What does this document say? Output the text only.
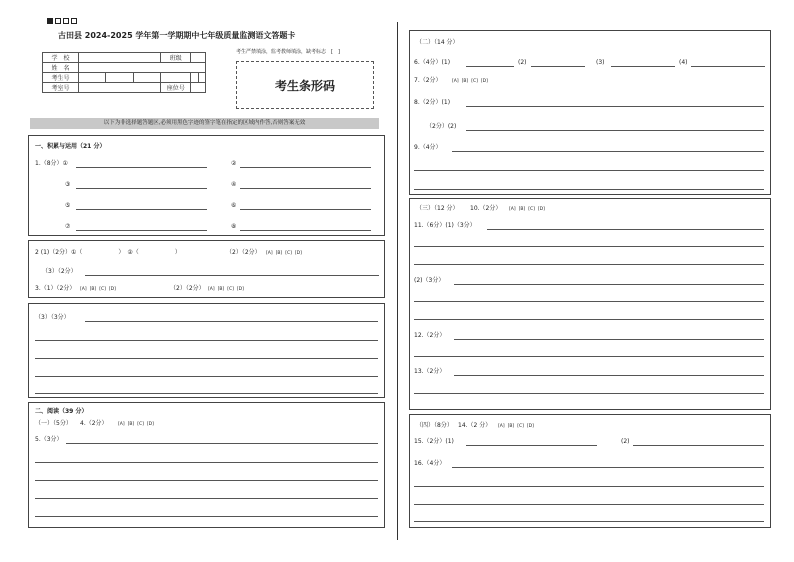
古田县 2024-2025 学年第一学期期中七年级质量监测语文答题卡
学　校				班级		
姓　名						
考生号						
考室号				座位号		
考生严禁填涂，监考教师填涂，缺考标志　[　]
考生条形码
以下为非选择题答题区,必须用黑色字迹的签字笔在指定的区域内作答,否则答案无效
一、积累与运用（21 分）
1.（8分）①	②
③	④
⑤	⑥
⑦	⑧
2 (1)（2分）①（　　　　　　）　②（　　　　　　）	（2）（2分） [A] [B] [C] [D]
（3）（2分）
3.（1）（2分） [A] [B] [C] [D]	（2）（2分） [A] [B] [C] [D]
（3）（3分）
二、阅读（39 分）
（一）（5分） 4.（2分） [A] [B] [C] [D]
5.（3分）
（二）（14 分）
6.（4分）(1)	(2)	(3)	(4)
7.（2分） [A] [B] [C] [D]
8.（2分）(1)
（2分）(2)
9.（4分）
（三）（12 分） 10.（2分） [A] [B] [C] [D]
11.（6分）(1)（3分）
(2)（3分）
12.（2分）
13.（2分）
（四）（8分） 14.（2 分） [A] [B] [C] [D]
15.（2分）(1)	(2)
16.（4分）
